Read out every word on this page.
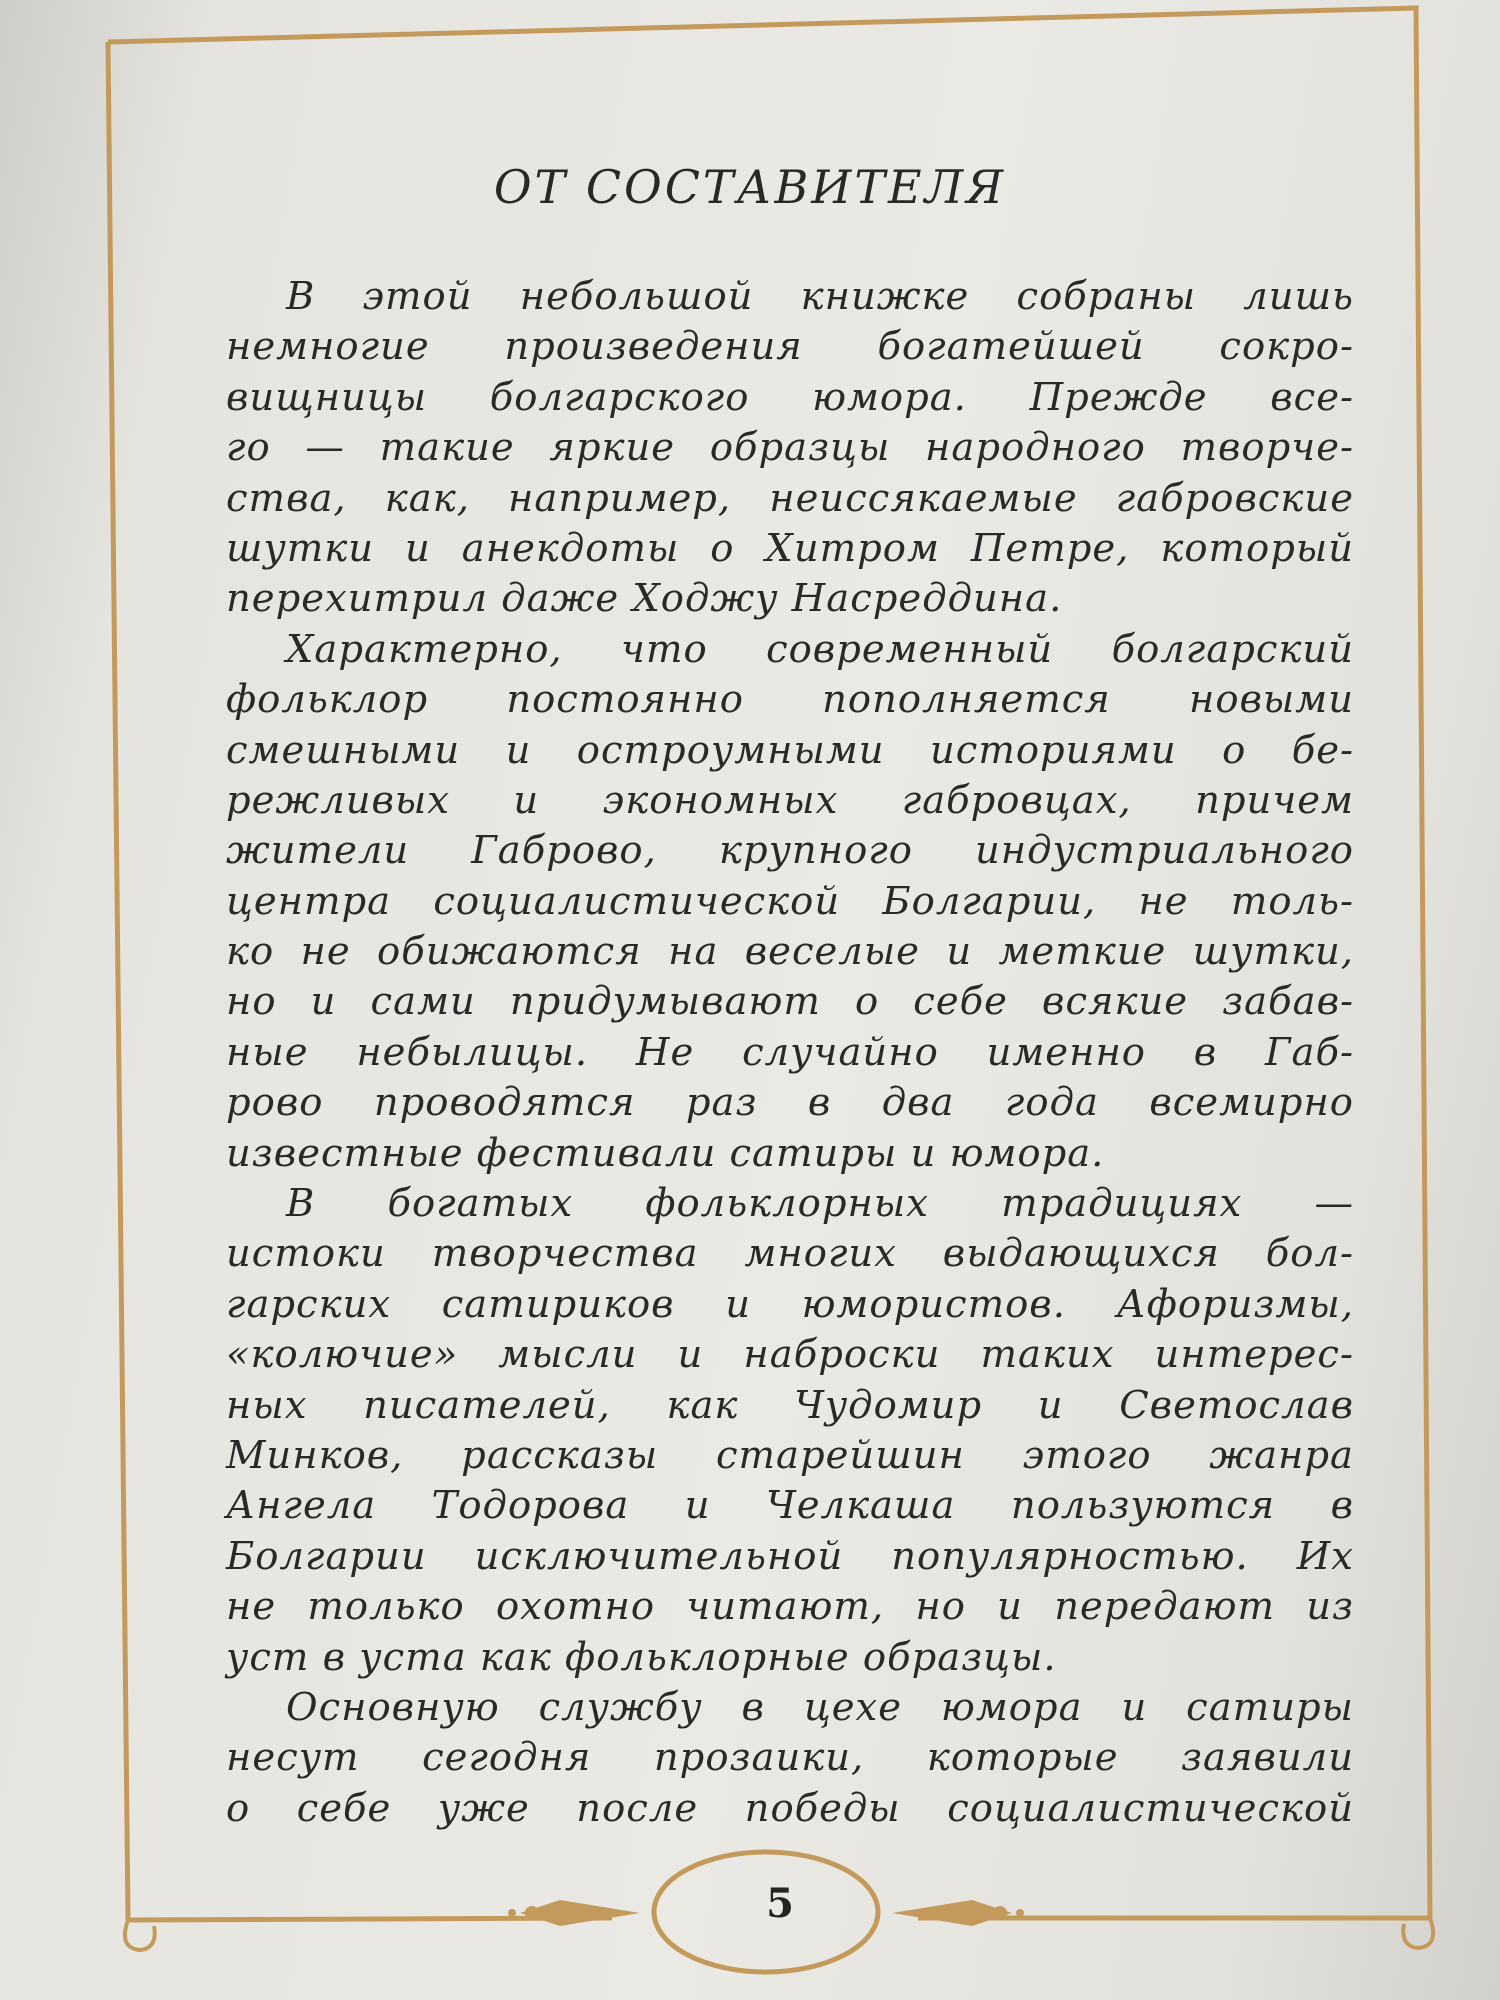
ОТ СОСТАВИТЕЛЯ
В этой небольшой книжке собраны лишь
немногие произведения богатейшей сокро-
вищницы болгарского юмора. Прежде все-
го — такие яркие образцы народного творче-
ства, как, например, неиссякаемые габровские
шутки и анекдоты о Хитром Петре, который
перехитрил даже Ходжу Насреддина.
Характерно, что современный болгарский
фольклор постоянно пополняется новыми
смешными и остроумными историями о бе-
режливых и экономных габровцах, причем
жители Габрово, крупного индустриального
центра социалистической Болгарии, не толь-
ко не обижаются на веселые и меткие шутки,
но и сами придумывают о себе всякие забав-
ные небылицы. Не случайно именно в Габ-
рово проводятся раз в два года всемирно
известные фестивали сатиры и юмора.
В богатых фольклорных традициях —
истоки творчества многих выдающихся бол-
гарских сатириков и юмористов. Афоризмы,
«колючие» мысли и наброски таких интерес-
ных писателей, как Чудомир и Светослав
Минков, рассказы старейшин этого жанра
Ангела Тодорова и Челкаша пользуются в
Болгарии исключительной популярностью. Их
не только охотно читают, но и передают из
уст в уста как фольклорные образцы.
Основную службу в цехе юмора и сатиры
несут сегодня прозаики, которые заявили
о себе уже после победы социалистической
5
